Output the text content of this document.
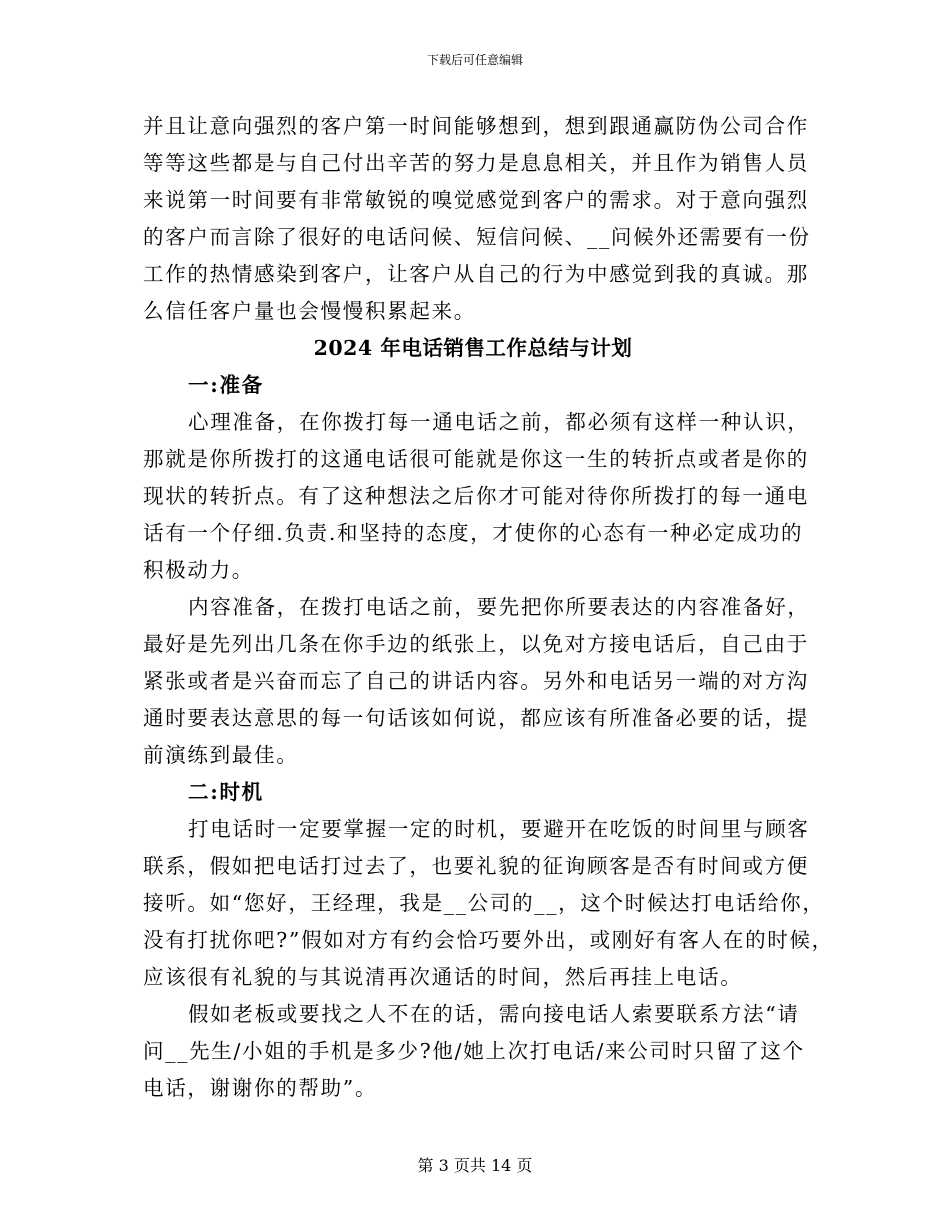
下载后可任意编辑
并且让意向强烈的客户第一时间能够想到，想到跟通赢防伪公司合作
等等这些都是与自己付出辛苦的努力是息息相关，并且作为销售人员
来说第一时间要有非常敏锐的嗅觉感觉到客户的需求。对于意向强烈
的客户而言除了很好的电话问候、短信问候、__问候外还需要有一份
工作的热情感染到客户，让客户从自己的行为中感觉到我的真诚。那
么信任客户量也会慢慢积累起来。
2024 年电话销售工作总结与计划
一:准备
心理准备，在你拨打每一通电话之前，都必须有这样一种认识，
那就是你所拨打的这通电话很可能就是你这一生的转折点或者是你的
现状的转折点。有了这种想法之后你才可能对待你所拨打的每一通电
话有一个仔细.负责.和坚持的态度，才使你的心态有一种必定成功的
积极动力。
内容准备，在拨打电话之前，要先把你所要表达的内容准备好，
最好是先列出几条在你手边的纸张上，以免对方接电话后，自己由于
紧张或者是兴奋而忘了自己的讲话内容。另外和电话另一端的对方沟
通时要表达意思的每一句话该如何说，都应该有所准备必要的话，提
前演练到最佳。
二:时机
打电话时一定要掌握一定的时机，要避开在吃饭的时间里与顾客
联系，假如把电话打过去了，也要礼貌的征询顾客是否有时间或方便
接听。如“您好，王经理，我是__公司的__，这个时候达打电话给你，
没有打扰你吧?”假如对方有约会恰巧要外出，或刚好有客人在的时候，
应该很有礼貌的与其说清再次通话的时间，然后再挂上电话。
假如老板或要找之人不在的话，需向接电话人索要联系方法“请
问__先生/小姐的手机是多少?他/她上次打电话/来公司时只留了这个
电话，谢谢你的帮助”。
第 3 页共 14 页
